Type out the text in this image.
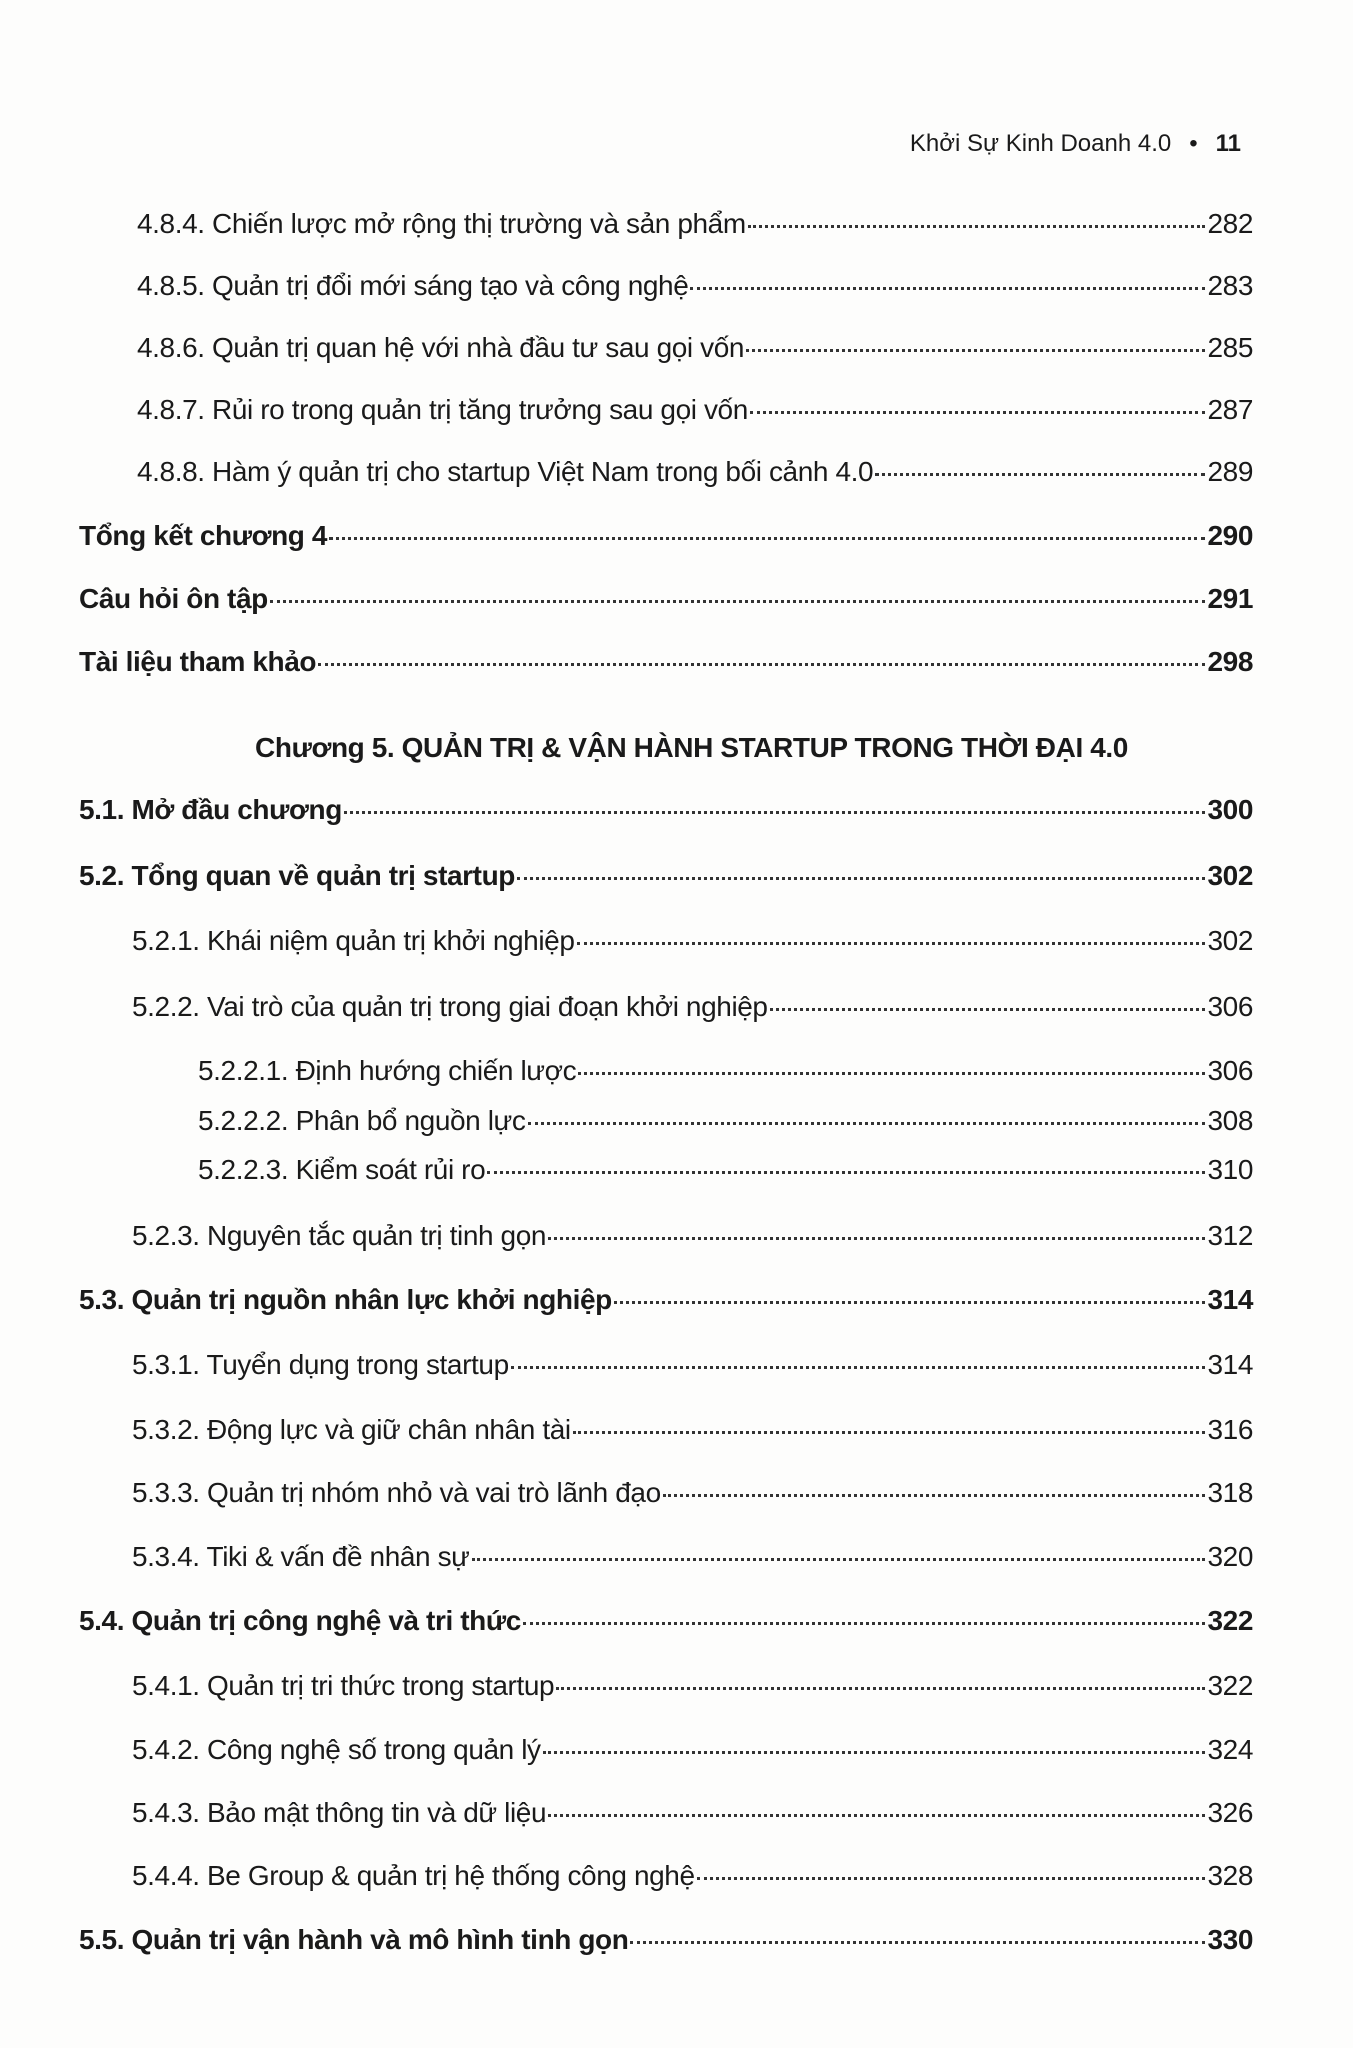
Khởi Sự Kinh Doanh 4.0 • 11
4.8.4. Chiến lược mở rộng thị trường và sản phẩm	282
4.8.5. Quản trị đổi mới sáng tạo và công nghệ	283
4.8.6. Quản trị quan hệ với nhà đầu tư sau gọi vốn	285
4.8.7. Rủi ro trong quản trị tăng trưởng sau gọi vốn	287
4.8.8. Hàm ý quản trị cho startup Việt Nam trong bối cảnh 4.0	289
Tổng kết chương 4	290
Câu hỏi ôn tập	291
Tài liệu tham khảo	298
Chương 5. QUẢN TRỊ & VẬN HÀNH STARTUP TRONG THỜI ĐẠI 4.0
5.1. Mở đầu chương	300
5.2. Tổng quan về quản trị startup	302
5.2.1. Khái niệm quản trị khởi nghiệp	302
5.2.2. Vai trò của quản trị trong giai đoạn khởi nghiệp	306
5.2.2.1. Định hướng chiến lược	306
5.2.2.2. Phân bổ nguồn lực	308
5.2.2.3. Kiểm soát rủi ro	310
5.2.3. Nguyên tắc quản trị tinh gọn	312
5.3. Quản trị nguồn nhân lực khởi nghiệp	314
5.3.1. Tuyển dụng trong startup	314
5.3.2. Động lực và giữ chân nhân tài	316
5.3.3. Quản trị nhóm nhỏ và vai trò lãnh đạo	318
5.3.4. Tiki & vấn đề nhân sự	320
5.4. Quản trị công nghệ và tri thức	322
5.4.1. Quản trị tri thức trong startup	322
5.4.2. Công nghệ số trong quản lý	324
5.4.3. Bảo mật thông tin và dữ liệu	326
5.4.4. Be Group & quản trị hệ thống công nghệ	328
5.5. Quản trị vận hành và mô hình tinh gọn	330
